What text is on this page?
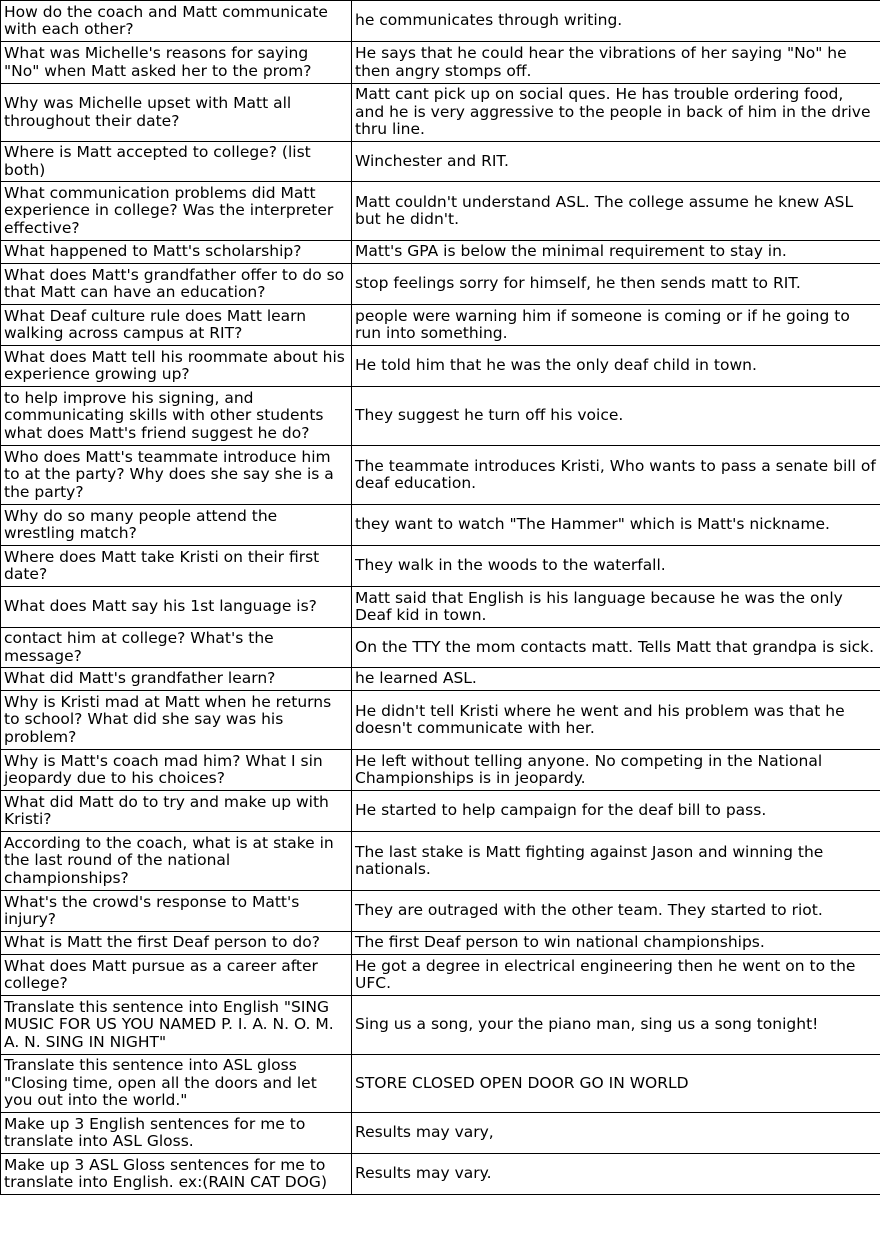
How do the coach and Matt communicate with each other?	he communicates through writing.
What was Michelle's reasons for saying "No" when Matt asked her to the prom?	He says that he could hear the vibrations of her saying "No" he then angry stomps off.
Why was Michelle upset with Matt all throughout their date?	Matt cant pick up on social ques. He has trouble ordering food, and he is very aggressive to the people in back of him in the drive thru line.
Where is Matt accepted to college? (list both)	Winchester and RIT.
What communication problems did Matt experience in college? Was the interpreter effective?	Matt couldn't understand ASL. The college assume he knew ASL but he didn't.
What happened to Matt's scholarship?	Matt's GPA is below the minimal requirement to stay in.
What does Matt's grandfather offer to do so that Matt can have an education?	stop feelings sorry for himself, he then sends matt to RIT.
What Deaf culture rule does Matt learn walking across campus at RIT?	people were warning him if someone is coming or if he going to run into something.
What does Matt tell his roommate about his experience growing up?	He told him that he was the only deaf child in town.
to help improve his signing, and communicating skills with other students what does Matt's friend suggest he do?	They suggest he turn off his voice.
Who does Matt's teammate introduce him to at the party? Why does she say she is a the party?	The teammate introduces Kristi, Who wants to pass a senate bill of deaf education.
Why do so many people attend the wrestling match?	they want to watch "The Hammer" which is Matt's nickname.
Where does Matt take Kristi on their first date?	They walk in the woods to the waterfall.
What does Matt say his 1st language is?	Matt said that English is his language because he was the only Deaf kid in town.
contact him at college? What's the message?	On the TTY the mom contacts matt. Tells Matt that grandpa is sick.
What did Matt's grandfather learn?	he learned ASL.
Why is Kristi mad at Matt when he returns to school? What did she say was his problem?	He didn't tell Kristi where he went and his problem was that he doesn't communicate with her.
Why is Matt's coach mad him? What I sin jeopardy due to his choices?	He left without telling anyone. No competing in the National Championships is in jeopardy.
What did Matt do to try and make up with Kristi?	He started to help campaign for the deaf bill to pass.
According to the coach, what is at stake in the last round of the national championships?	The last stake is Matt fighting against Jason and winning the nationals.
What's the crowd's response to Matt's injury?	They are outraged with the other team. They started to riot.
What is Matt the first Deaf person to do?	The first Deaf person to win national championships.
What does Matt pursue as a career after college?	He got a degree in electrical engineering then he went on to the UFC.
Translate this sentence into English "SING MUSIC FOR US YOU NAMED P. I. A. N. O. M. A. N. SING IN NIGHT"	Sing us a song, your the piano man, sing us a song tonight!
Translate this sentence into ASL gloss "Closing time, open all the doors and let you out into the world."	STORE CLOSED OPEN DOOR GO IN WORLD
Make up 3 English sentences for me to translate into ASL Gloss.	Results may vary,
Make up 3 ASL Gloss sentences for me to translate into English. ex:(RAIN CAT DOG)	Results may vary.
